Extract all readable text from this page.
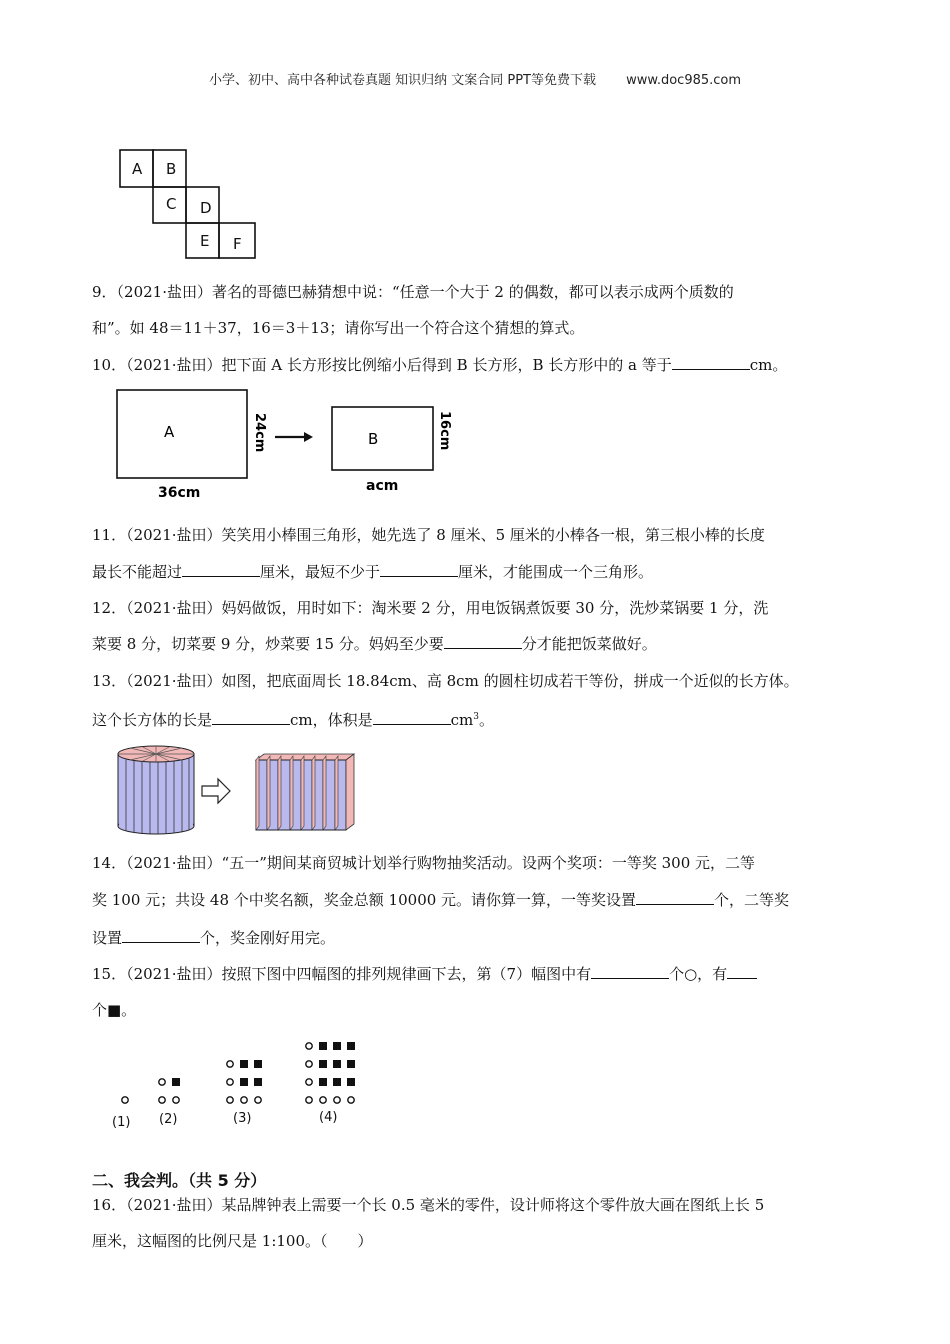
小学、初中、高中各种试卷真题 知识归纳 文案合同 PPT等免费下载 www.doc985.com
A B
C D
E F
9．（2021·盐田）著名的哥德巴赫猜想中说：“任意一个大于 2 的偶数，都可以表示成两个质数的
和”。如 48＝11＋37，16＝3＋13；请你写出一个符合这个猜想的算式。
10．（2021·盐田）把下面 A 长方形按比例缩小后得到 B 长方形，B 长方形中的 a 等于	cm。
A	24cm
36cm
B	16cm
acm
11．（2021·盐田）笑笑用小棒围三角形，她先选了 8 厘米、5 厘米的小棒各一根，第三根小棒的长度
最长不能超过	厘米，最短不少于	厘米，才能围成一个三角形。
12．（2021·盐田）妈妈做饭，用时如下：淘米要 2 分，用电饭锅煮饭要 30 分，洗炒菜锅要 1 分，洗
菜要 8 分，切菜要 9 分，炒菜要 15 分。妈妈至少要	分才能把饭菜做好。
13．（2021·盐田）如图，把底面周长 18.84cm、高 8cm 的圆柱切成若干等份，拼成一个近似的长方体。
这个长方体的长是	cm，体积是	$cm^3$。
14．（2021·盐田）“五一”期间某商贸城计划举行购物抽奖活动。设两个奖项：一等奖 300 元，二等
奖 100 元；共设 48 个中奖名额，奖金总额 10000 元。请你算一算，一等奖设置	个，二等奖
设置	个，奖金刚好用完。
15．（2021·盐田）按照下图中四幅图的排列规律画下去，第（7）幅图中有	个○，有
个■。
(1) (2)	(3)	(4)
二、我会判。（共 5 分）
16．（2021·盐田）某品牌钟表上需要一个长 0.5 毫米的零件，设计师将这个零件放大画在图纸上长 5
厘米，这幅图的比例尺是 1:100。（　　）
